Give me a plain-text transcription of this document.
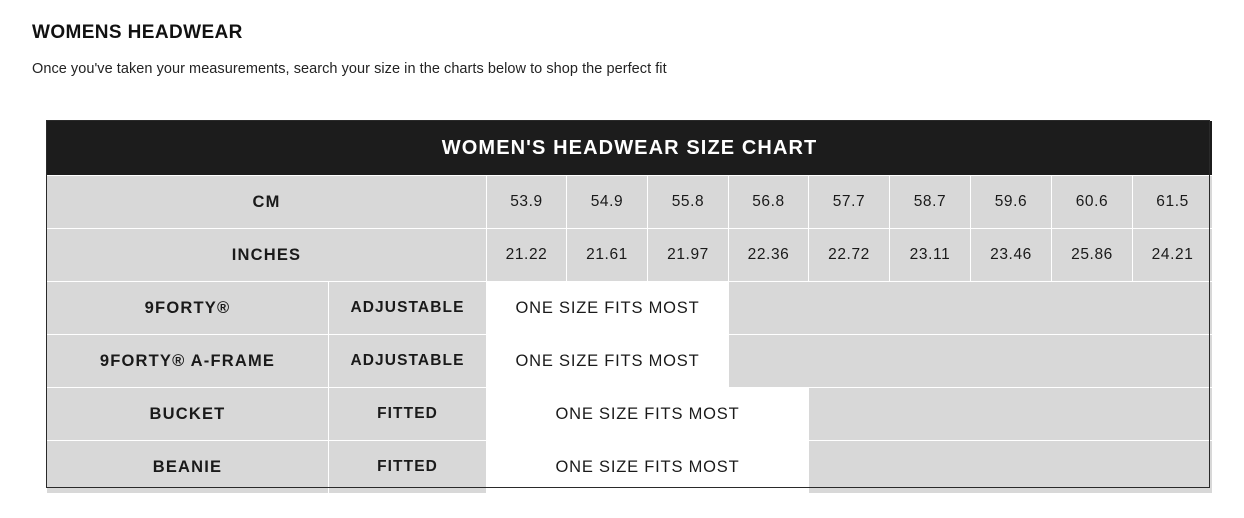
WOMENS HEADWEAR
Once you've taken your measurements, search your size in the charts below to shop the perfect fit
WOMEN'S HEADWEAR SIZE CHART										
CM		53.9	54.9	55.8	56.8	57.7	58.7	59.6	60.6	61.5
INCHES		21.22	21.61	21.97	22.36	22.72	23.11	23.46	25.86	24.21
9FORTY®	ADJUSTABLE	ONE SIZE FITS MOST								
9FORTY® A-FRAME	ADJUSTABLE	ONE SIZE FITS MOST								
BUCKET	FITTED	ONE SIZE FITS MOST								
BEANIE	FITTED	ONE SIZE FITS MOST								
